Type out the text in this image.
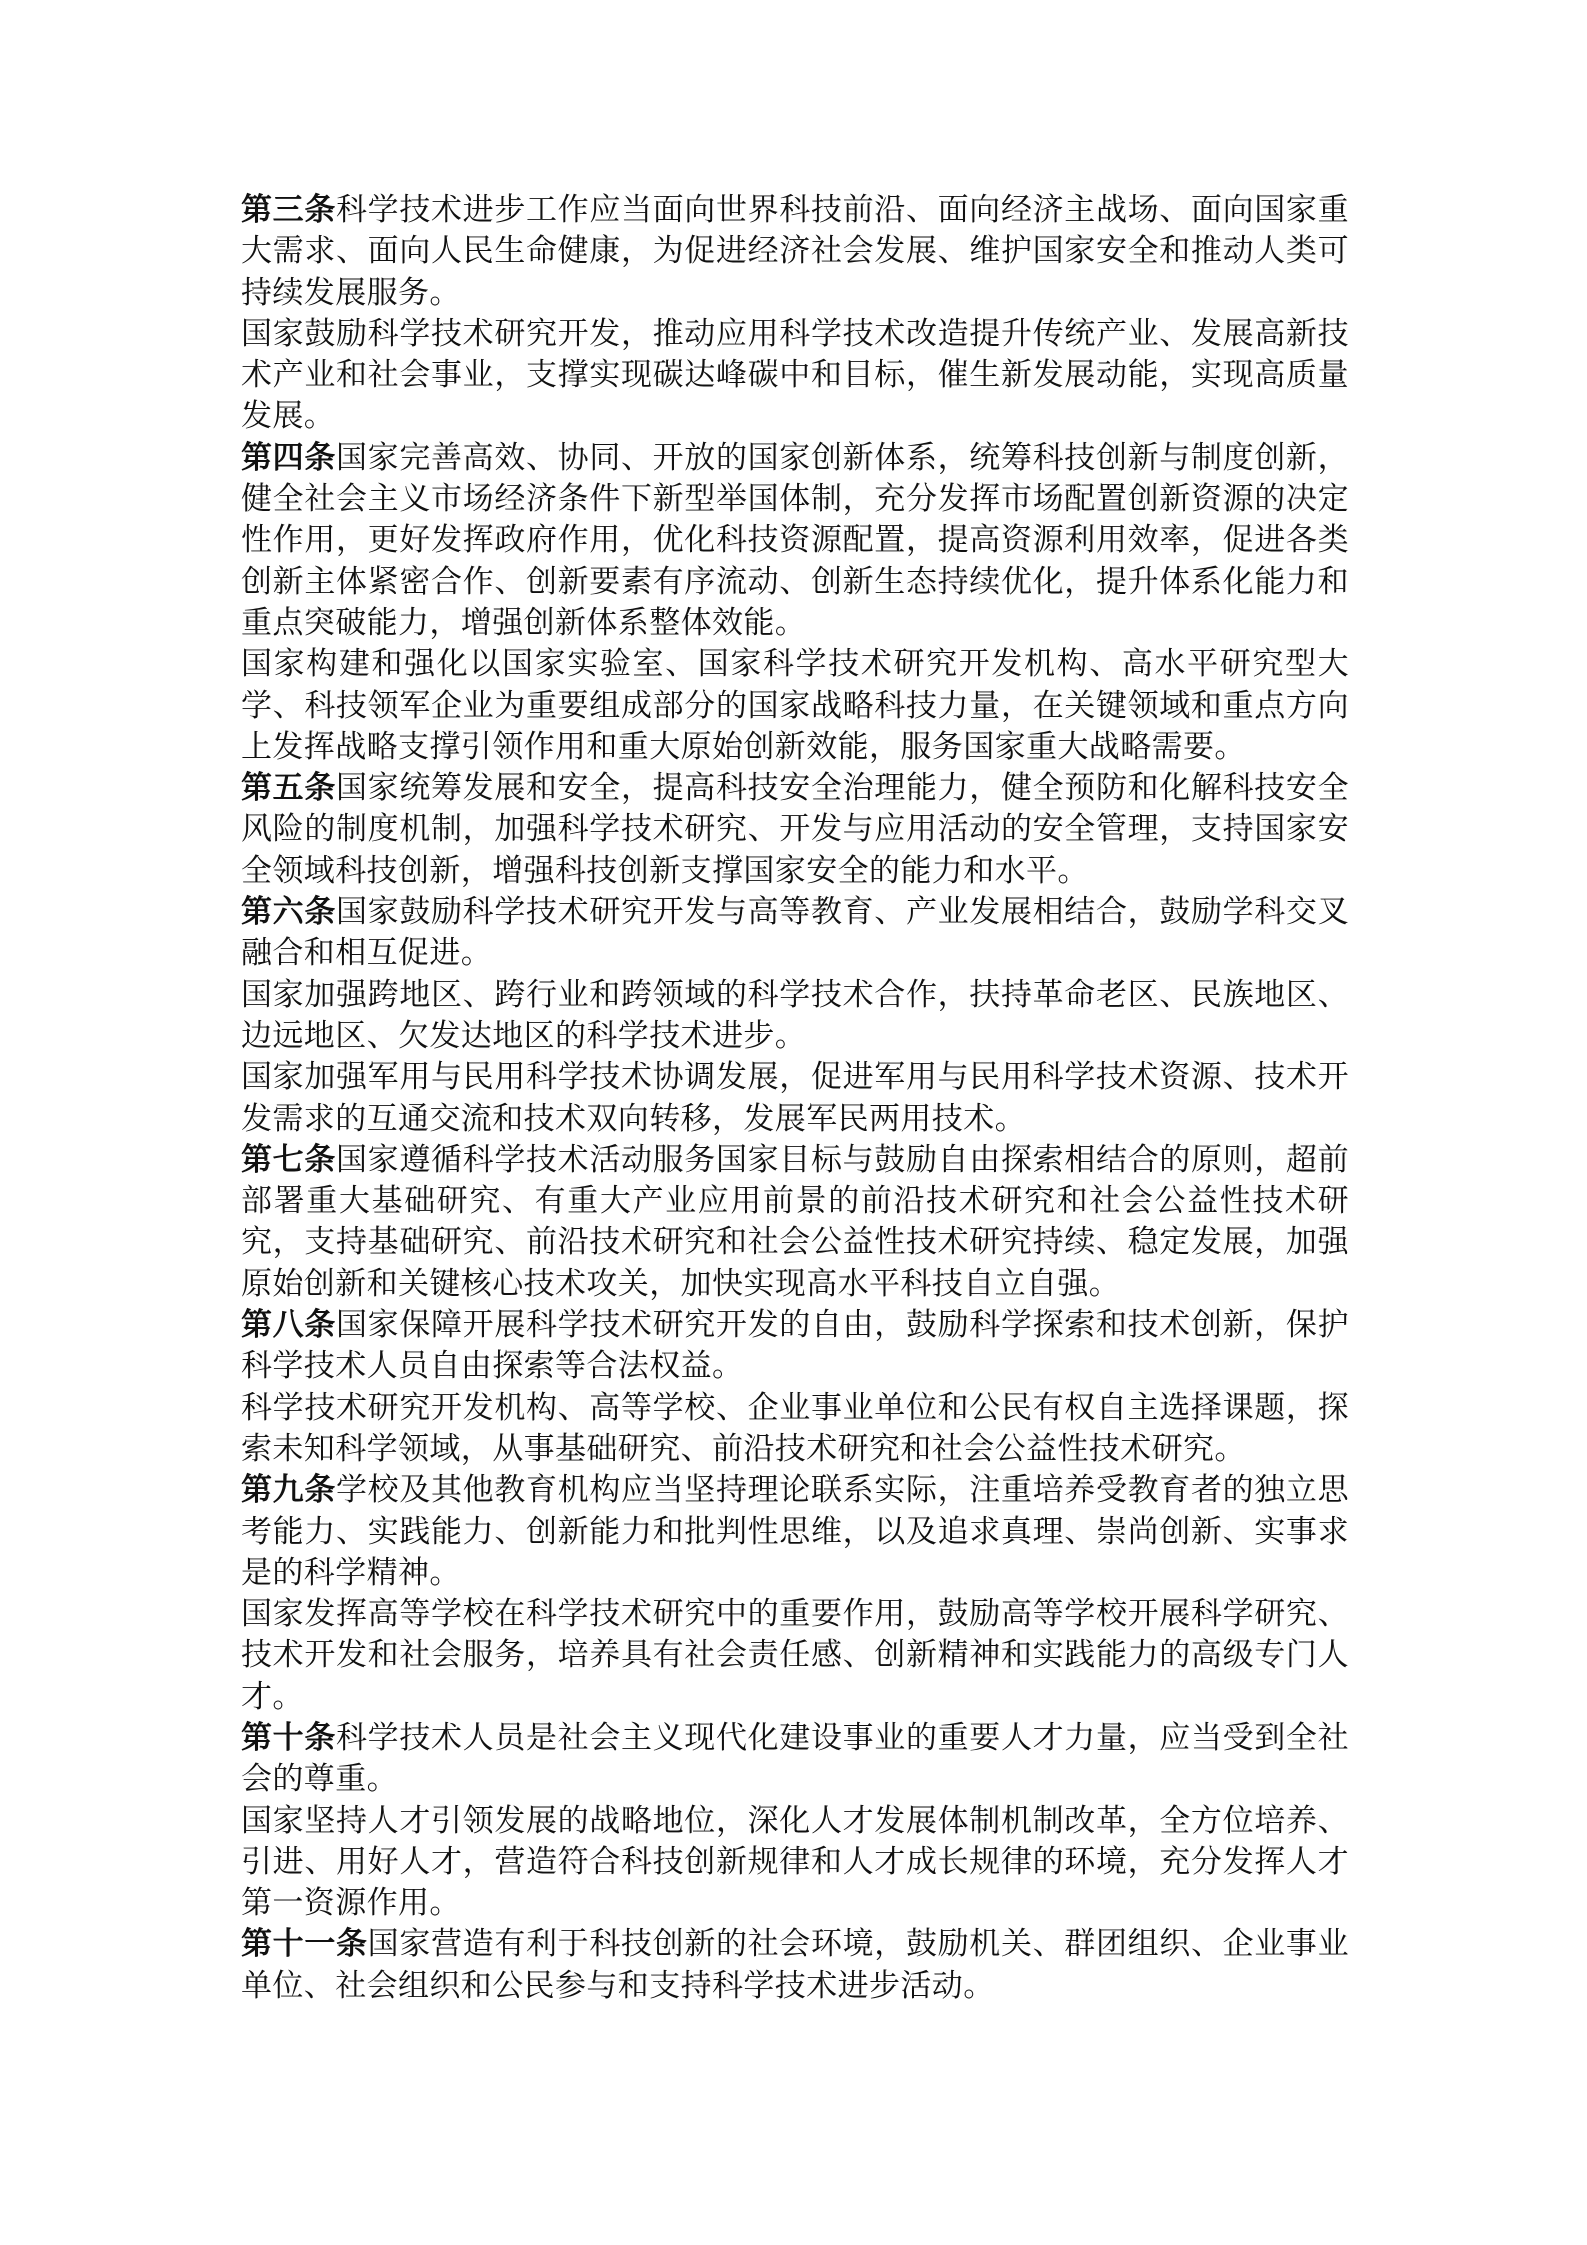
第三条科学技术进步工作应当面向世界科技前沿、面向经济主战场、面向国家重大需求、面向人民生命健康，为促进经济社会发展、维护国家安全和推动人类可持续发展服务。

国家鼓励科学技术研究开发，推动应用科学技术改造提升传统产业、发展高新技术产业和社会事业，支撑实现碳达峰碳中和目标，催生新发展动能，实现高质量发展。

第四条国家完善高效、协同、开放的国家创新体系，统筹科技创新与制度创新，健全社会主义市场经济条件下新型举国体制，充分发挥市场配置创新资源的决定性作用，更好发挥政府作用，优化科技资源配置，提高资源利用效率，促进各类创新主体紧密合作、创新要素有序流动、创新生态持续优化，提升体系化能力和重点突破能力，增强创新体系整体效能。

国家构建和强化以国家实验室、国家科学技术研究开发机构、高水平研究型大学、科技领军企业为重要组成部分的国家战略科技力量，在关键领域和重点方向上发挥战略支撑引领作用和重大原始创新效能，服务国家重大战略需要。

第五条国家统筹发展和安全，提高科技安全治理能力，健全预防和化解科技安全风险的制度机制，加强科学技术研究、开发与应用活动的安全管理，支持国家安全领域科技创新，增强科技创新支撑国家安全的能力和水平。

第六条国家鼓励科学技术研究开发与高等教育、产业发展相结合，鼓励学科交叉融合和相互促进。

国家加强跨地区、跨行业和跨领域的科学技术合作，扶持革命老区、民族地区、边远地区、欠发达地区的科学技术进步。

国家加强军用与民用科学技术协调发展，促进军用与民用科学技术资源、技术开发需求的互通交流和技术双向转移，发展军民两用技术。

第七条国家遵循科学技术活动服务国家目标与鼓励自由探索相结合的原则，超前部署重大基础研究、有重大产业应用前景的前沿技术研究和社会公益性技术研究，支持基础研究、前沿技术研究和社会公益性技术研究持续、稳定发展，加强原始创新和关键核心技术攻关，加快实现高水平科技自立自强。

第八条国家保障开展科学技术研究开发的自由，鼓励科学探索和技术创新，保护科学技术人员自由探索等合法权益。

科学技术研究开发机构、高等学校、企业事业单位和公民有权自主选择课题，探索未知科学领域，从事基础研究、前沿技术研究和社会公益性技术研究。

第九条学校及其他教育机构应当坚持理论联系实际，注重培养受教育者的独立思考能力、实践能力、创新能力和批判性思维，以及追求真理、崇尚创新、实事求是的科学精神。

国家发挥高等学校在科学技术研究中的重要作用，鼓励高等学校开展科学研究、技术开发和社会服务，培养具有社会责任感、创新精神和实践能力的高级专门人才。

第十条科学技术人员是社会主义现代化建设事业的重要人才力量，应当受到全社会的尊重。

国家坚持人才引领发展的战略地位，深化人才发展体制机制改革，全方位培养、引进、用好人才，营造符合科技创新规律和人才成长规律的环境，充分发挥人才第一资源作用。

第十一条国家营造有利于科技创新的社会环境，鼓励机关、群团组织、企业事业单位、社会组织和公民参与和支持科学技术进步活动。
